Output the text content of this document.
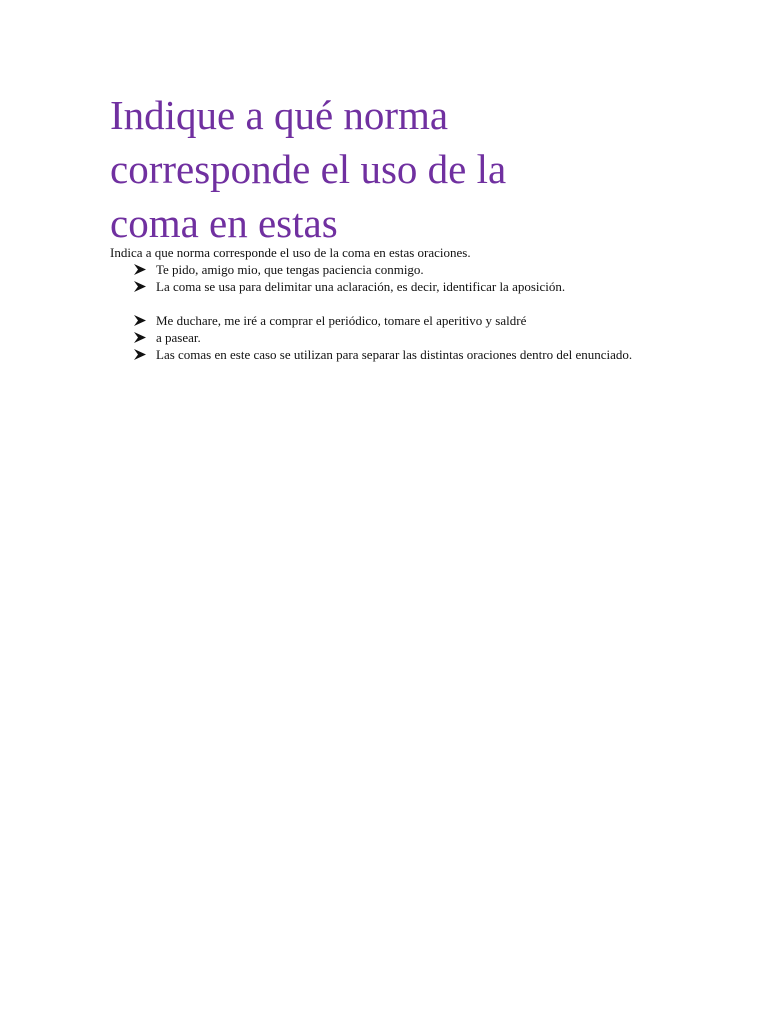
Indique a qué norma corresponde el uso de la coma en estas

Indica a que norma corresponde el uso de la coma en estas oraciones.

Te pido, amigo mio, que tengas paciencia conmigo.
La coma se usa para delimitar una aclaración, es decir, identificar la aposición.
Me duchare, me iré a comprar el periódico, tomare el aperitivo y saldré
a pasear.
Las comas en este caso se utilizan para separar las distintas oraciones dentro del enunciado.
